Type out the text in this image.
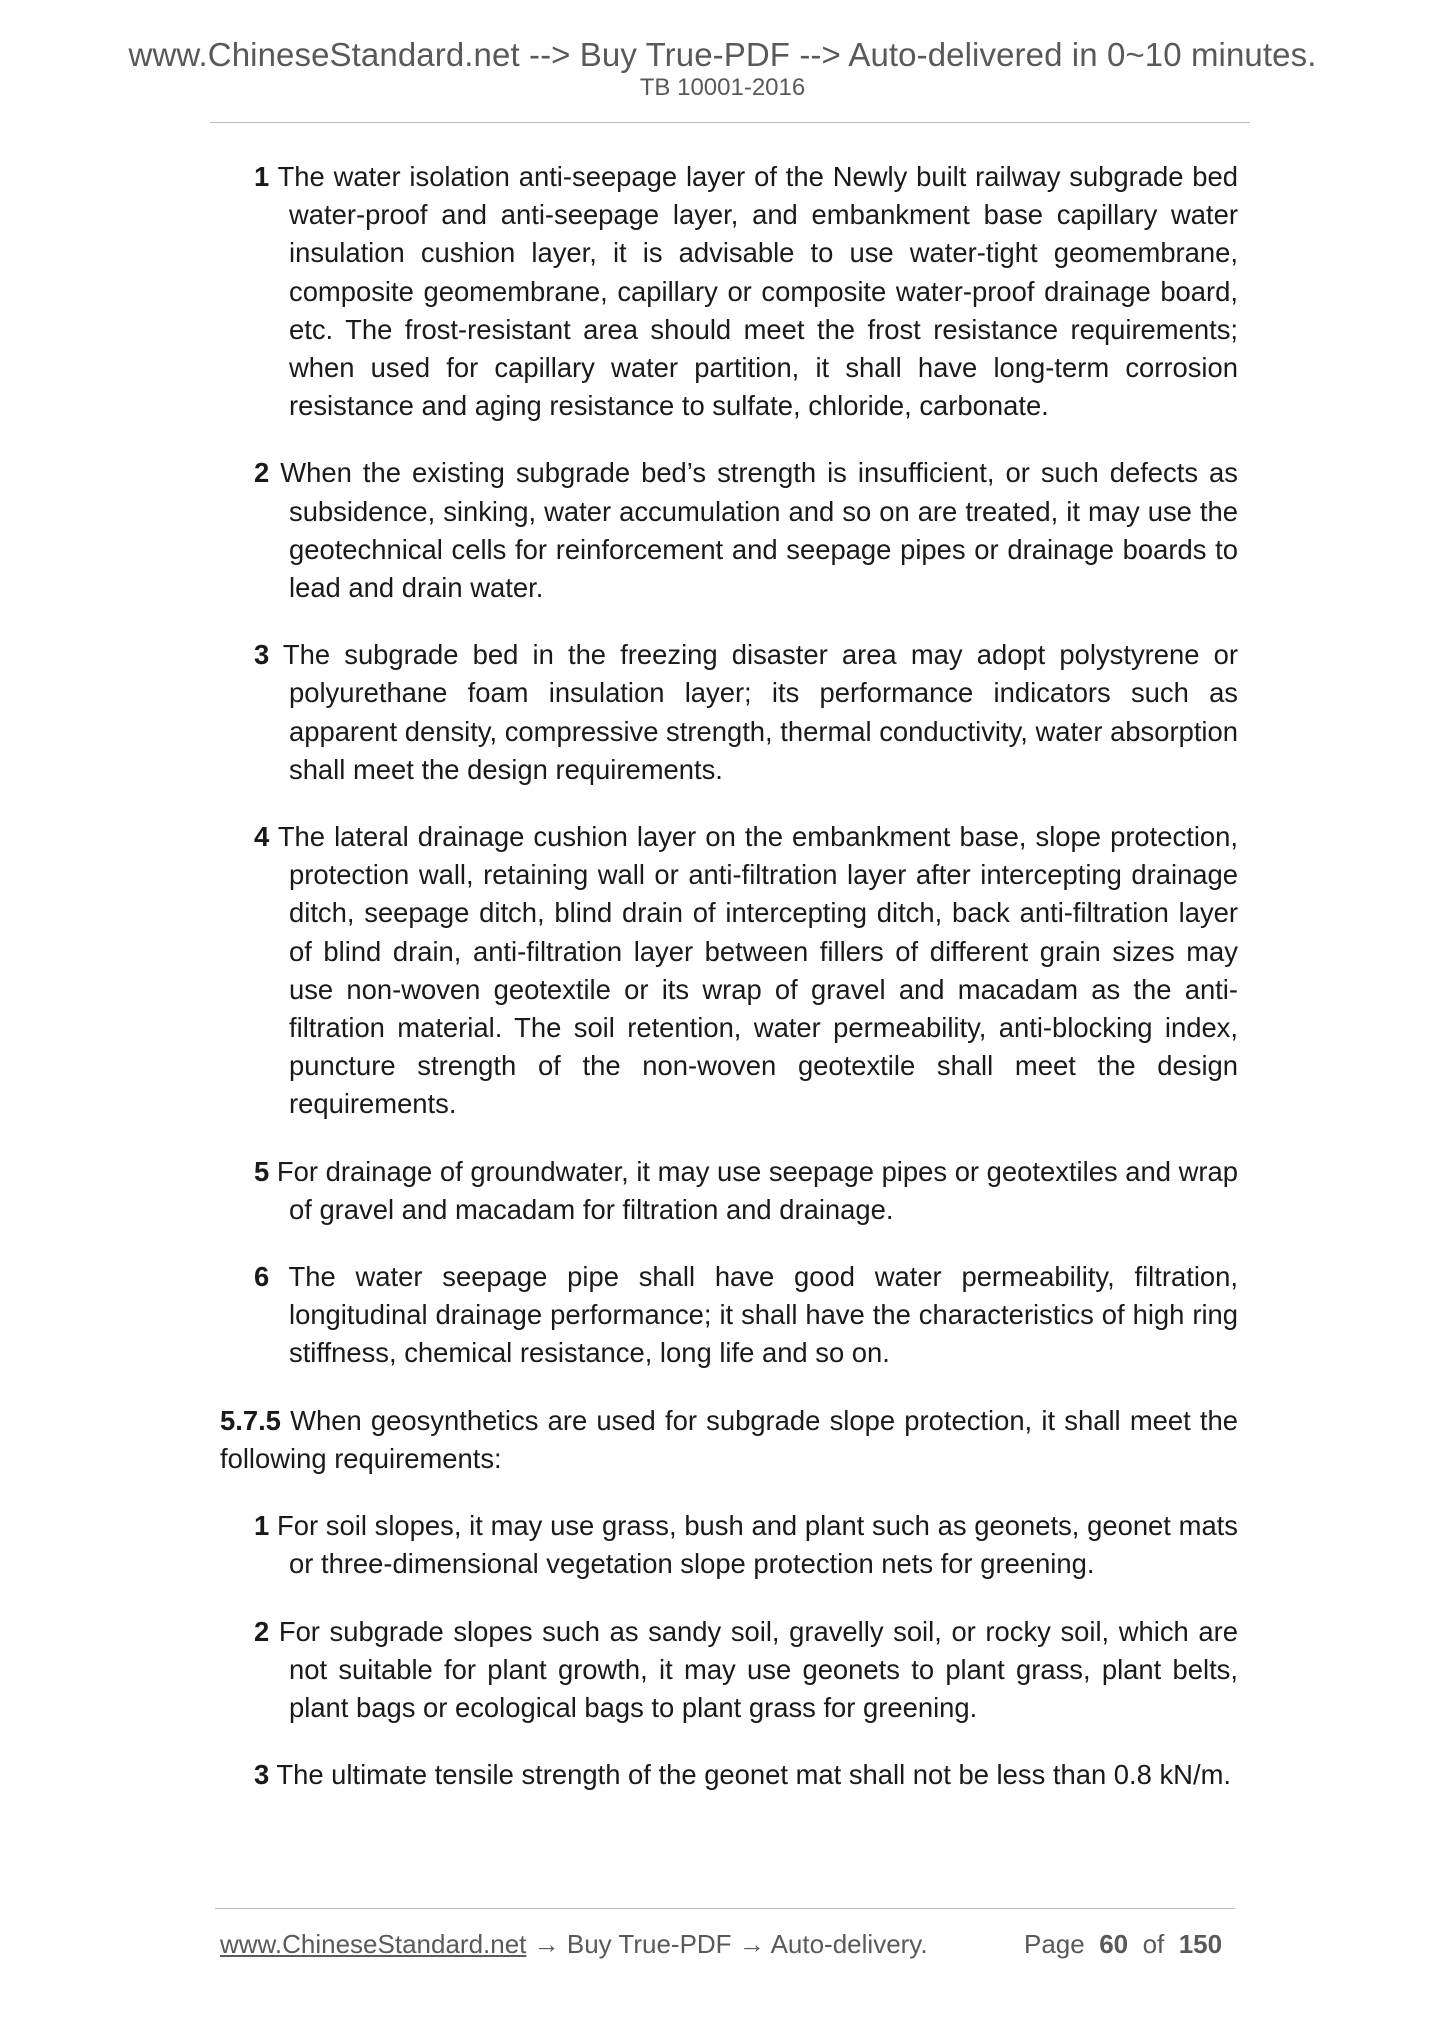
www.ChineseStandard.net --> Buy True-PDF --> Auto-delivered in 0~10 minutes.
TB 10001-2016

1 The water isolation anti-seepage layer of the Newly built railway subgrade bed water-proof and anti-seepage layer, and embankment base capillary water insulation cushion layer, it is advisable to use water-tight geomembrane, composite geomembrane, capillary or composite water-proof drainage board, etc. The frost-resistant area should meet the frost resistance requirements; when used for capillary water partition, it shall have long-term corrosion resistance and aging resistance to sulfate, chloride, carbonate.

2 When the existing subgrade bed’s strength is insufficient, or such defects as subsidence, sinking, water accumulation and so on are treated, it may use the geotechnical cells for reinforcement and seepage pipes or drainage boards to lead and drain water.

3 The subgrade bed in the freezing disaster area may adopt polystyrene or polyurethane foam insulation layer; its performance indicators such as apparent density, compressive strength, thermal conductivity, water absorption shall meet the design requirements.

4 The lateral drainage cushion layer on the embankment base, slope protection, protection wall, retaining wall or anti-filtration layer after intercepting drainage ditch, seepage ditch, blind drain of intercepting ditch, back anti-filtration layer of blind drain, anti-filtration layer between fillers of different grain sizes may use non-woven geotextile or its wrap of gravel and macadam as the anti-filtration material. The soil retention, water permeability, anti-blocking index, puncture strength of the non-woven geotextile shall meet the design requirements.

5 For drainage of groundwater, it may use seepage pipes or geotextiles and wrap of gravel and macadam for filtration and drainage.

6 The water seepage pipe shall have good water permeability, filtration, longitudinal drainage performance; it shall have the characteristics of high ring stiffness, chemical resistance, long life and so on.

5.7.5 When geosynthetics are used for subgrade slope protection, it shall meet the following requirements:

1 For soil slopes, it may use grass, bush and plant such as geonets, geonet mats or three-dimensional vegetation slope protection nets for greening.

2 For subgrade slopes such as sandy soil, gravelly soil, or rocky soil, which are not suitable for plant growth, it may use geonets to plant grass, plant belts, plant bags or ecological bags to plant grass for greening.

3 The ultimate tensile strength of the geonet mat shall not be less than 0.8 kN/m.

www.ChineseStandard.net → Buy True-PDF → Auto-delivery.	Page 60 of 150
